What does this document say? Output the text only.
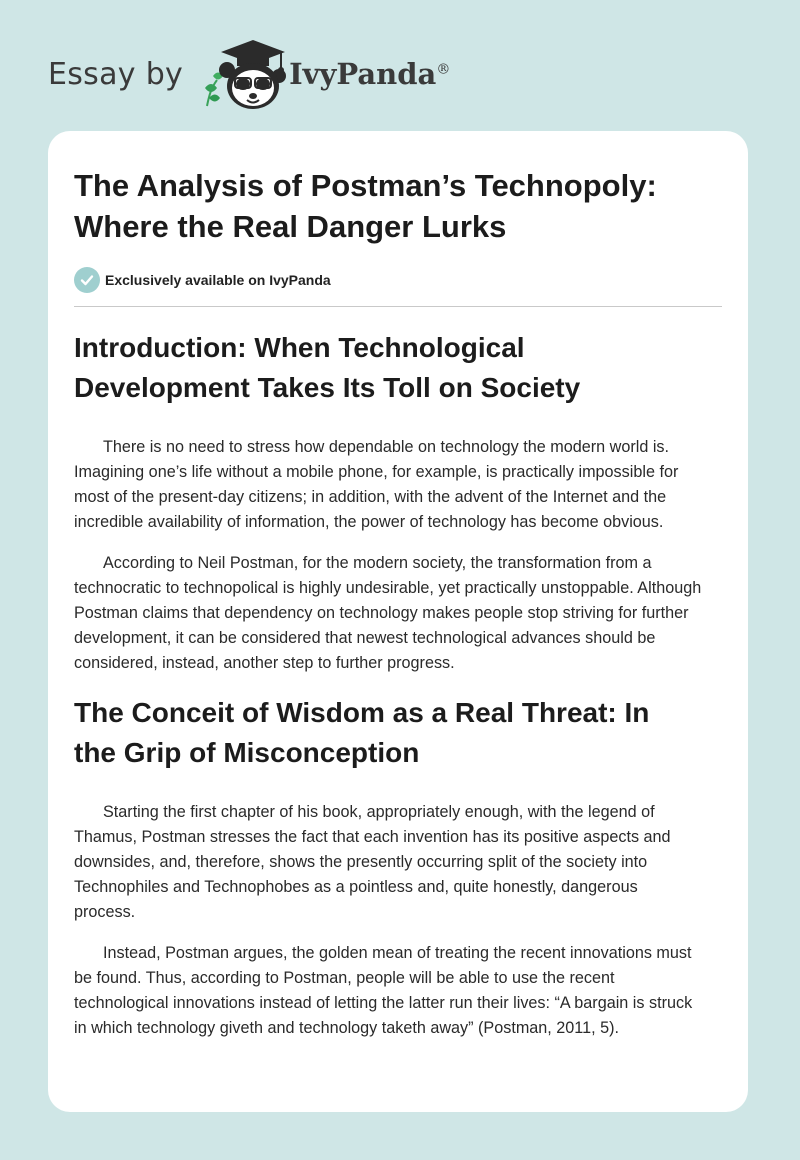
Essay by	IvyPanda®
The Analysis of Postman’s Technopoly:
Where the Real Danger Lurks
Exclusively available on IvyPanda
Introduction: When Technological
Development Takes Its Toll on Society

There is no need to stress how dependable on technology the modern world is.
Imagining one’s life without a mobile phone, for example, is practically impossible for
most of the present-day citizens; in addition, with the advent of the Internet and the
incredible availability of information, the power of technology has become obvious.

According to Neil Postman, for the modern society, the transformation from a
technocratic to technopolical is highly undesirable, yet practically unstoppable. Although
Postman claims that dependency on technology makes people stop striving for further
development, it can be considered that newest technological advances should be
considered, instead, another step to further progress.

The Conceit of Wisdom as a Real Threat: In
the Grip of Misconception

Starting the first chapter of his book, appropriately enough, with the legend of
Thamus, Postman stresses the fact that each invention has its positive aspects and
downsides, and, therefore, shows the presently occurring split of the society into
Technophiles and Technophobes as a pointless and, quite honestly, dangerous
process.

Instead, Postman argues, the golden mean of treating the recent innovations must
be found. Thus, according to Postman, people will be able to use the recent
technological innovations instead of letting the latter run their lives: “A bargain is struck
in which technology giveth and technology taketh away” (Postman, 2011, 5).
